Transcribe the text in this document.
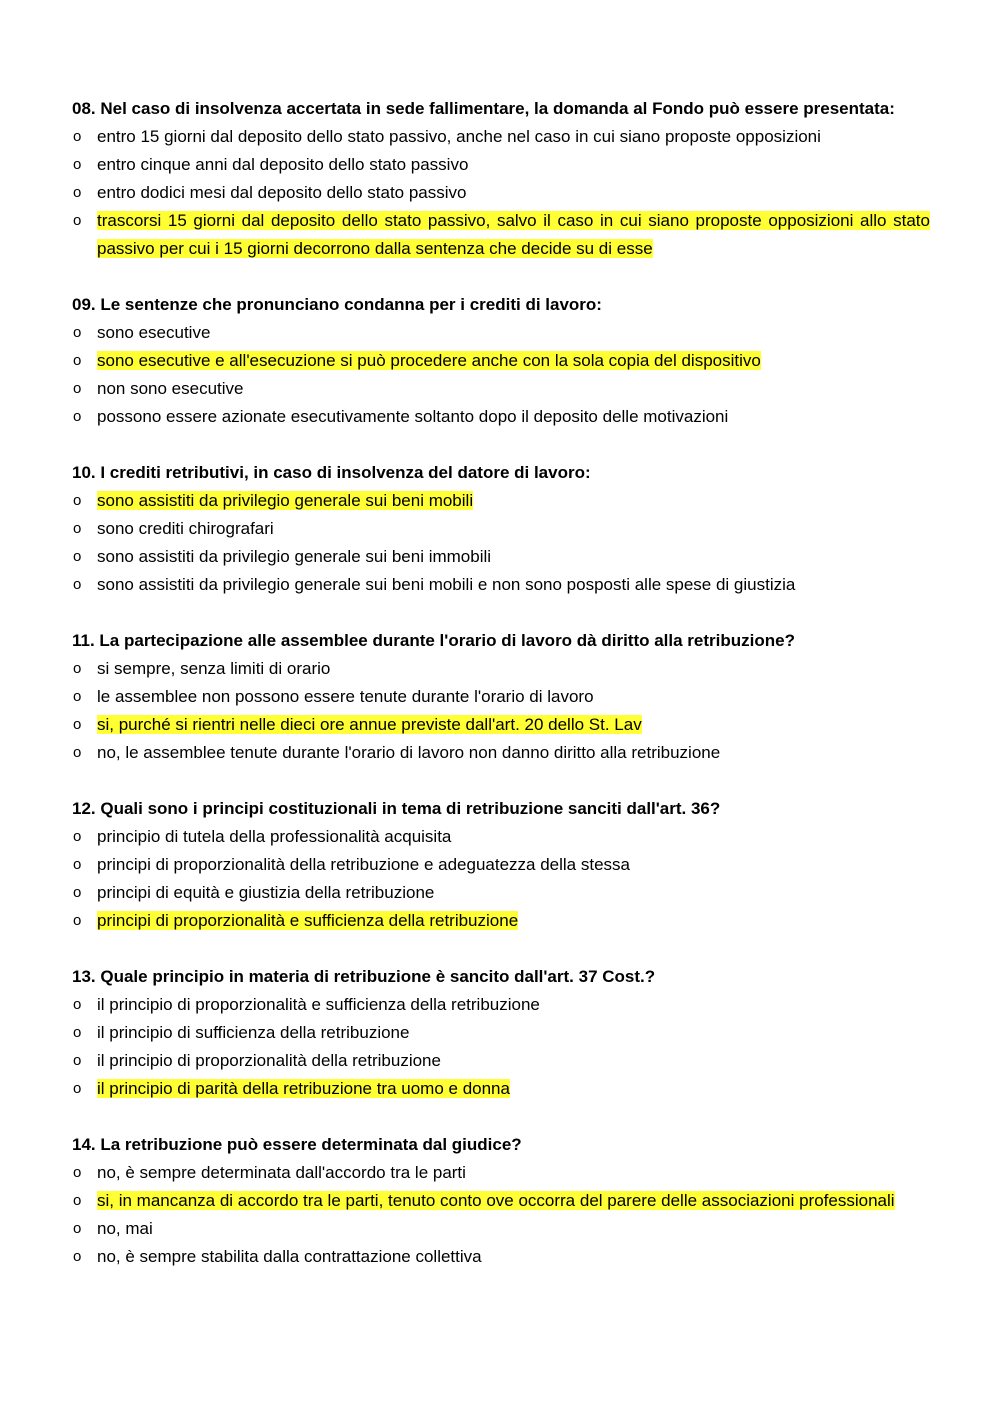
08. Nel caso di insolvenza accertata in sede fallimentare, la domanda al Fondo può essere presentata:
o entro 15 giorni dal deposito dello stato passivo, anche nel caso in cui siano proposte opposizioni
o entro cinque anni dal deposito dello stato passivo
o entro dodici mesi dal deposito dello stato passivo
o trascorsi 15 giorni dal deposito dello stato passivo, salvo il caso in cui siano proposte opposizioni allo stato passivo per cui i 15 giorni decorrono dalla sentenza che decide su di esse
09. Le sentenze che pronunciano condanna per i crediti di lavoro:
o sono esecutive
o sono esecutive e all'esecuzione si può procedere anche con la sola copia del dispositivo
o non sono esecutive
o possono essere azionate esecutivamente soltanto dopo il deposito delle motivazioni
10. I crediti retributivi, in caso di insolvenza del datore di lavoro:
o sono assistiti da privilegio generale sui beni mobili
o sono crediti chirografari
o sono assistiti da privilegio generale sui beni immobili
o sono assistiti da privilegio generale sui beni mobili e non sono posposti alle spese di giustizia
11. La partecipazione alle assemblee durante l'orario di lavoro dà diritto alla retribuzione?
o si sempre, senza limiti di orario
o le assemblee non possono essere tenute durante l'orario di lavoro
o si, purché si rientri nelle dieci ore annue previste dall'art. 20 dello St. Lav
o no, le assemblee tenute durante l'orario di lavoro non danno diritto alla retribuzione
12. Quali sono i principi costituzionali in tema di retribuzione sanciti dall'art. 36?
o principio di tutela della professionalità acquisita
o principi di proporzionalità della retribuzione e adeguatezza della stessa
o principi di equità e giustizia della retribuzione
o principi di proporzionalità e sufficienza della retribuzione
13. Quale principio in materia di retribuzione è sancito dall'art. 37 Cost.?
o il principio di proporzionalità e sufficienza della retribuzione
o il principio di sufficienza della retribuzione
o il principio di proporzionalità della retribuzione
o il principio di parità della retribuzione tra uomo e donna
14. La retribuzione può essere determinata dal giudice?
o no, è sempre determinata dall'accordo tra le parti
o si, in mancanza di accordo tra le parti, tenuto conto ove occorra del parere delle associazioni professionali
o no, mai
o no, è sempre stabilita dalla contrattazione collettiva
